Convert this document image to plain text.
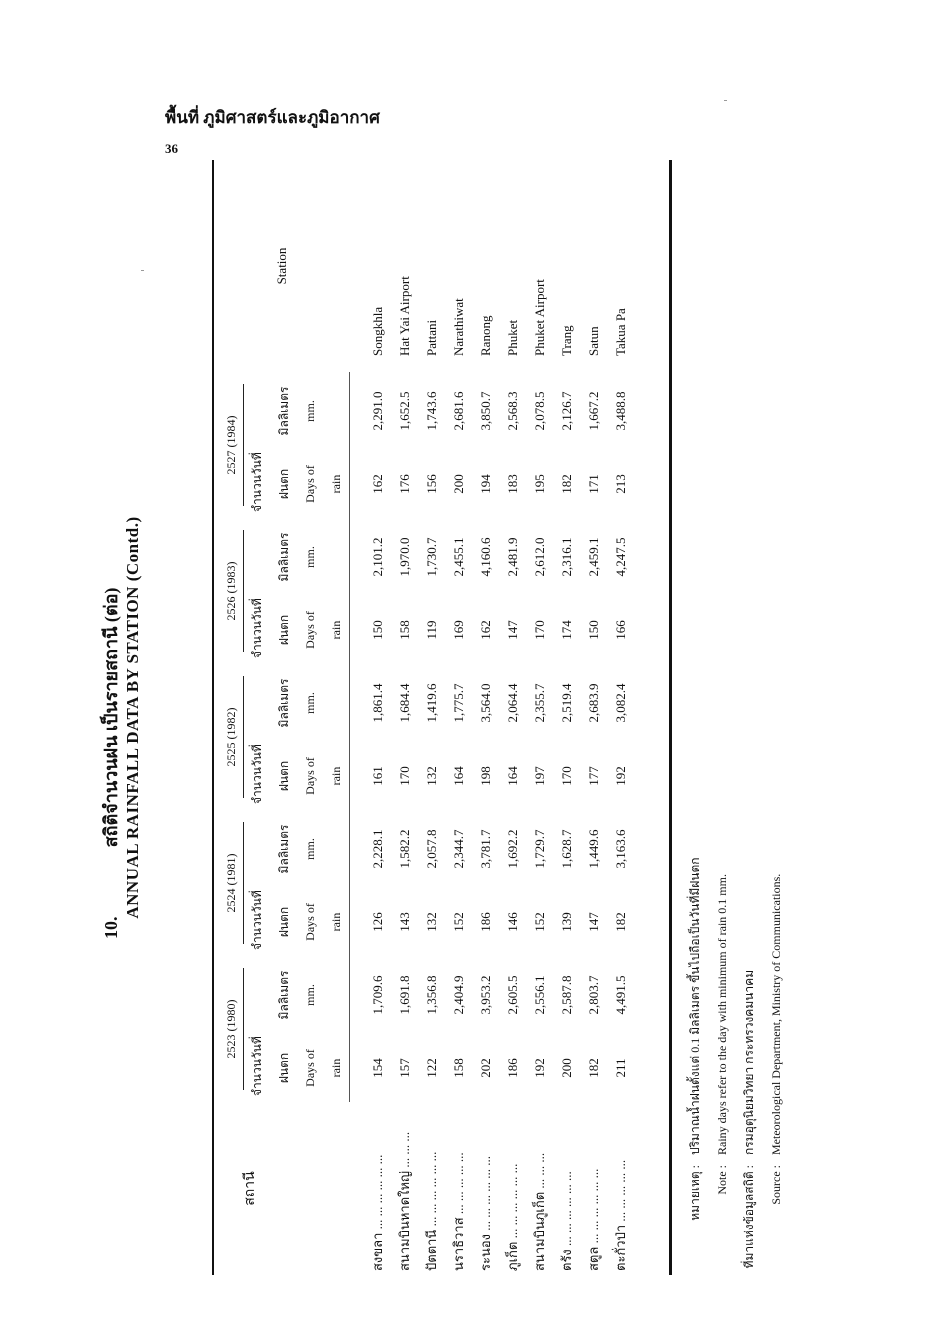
พื้นที่ ภูมิศาสตร์และภูมิอากาศ
36
10.
สถิติจำนวนฝน เป็นรายสถานี (ต่อ) ANNUAL RAINFALL DATA BY STATION (Contd.)
สถานี	2523 (1980)		2524 (1981)		2525 (1982)		2526 (1983)		2527 (1984)		Station
	จำนวนวันที่		จำนวนวันที่		จำนวนวันที่		จำนวนวันที่		จำนวนวันที่		
	ฝนตก	มิลลิเมตร	ฝนตก	มิลลิเมตร	ฝนตก	มิลลิเมตร	ฝนตก	มิลลิเมตร	ฝนตก	มิลลิเมตร	
	Days of	mm.	Days of	mm.	Days of	mm.	Days of	mm.	Days of	mm.	
	rain		rain		rain		rain		rain		
สงขลา ... ... ... ... ... ...	154	1,709.6	126	2,228.1	161	1,861.4	150	2,101.2	162	2,291.0	Songkhla
สนามบินหาดใหญ่ ... ... ...	157	1,691.8	143	1,582.2	170	1,684.4	158	1,970.0	176	1,652.5	Hat Yai Airport
ปัตตานี ... ... ... ... ... ...	122	1,356.8	132	2,057.8	132	1,419.6	119	1,730.7	156	1,743.6	Pattani
นราธิวาส ... ... ... ... ...	158	2,404.9	152	2,344.7	164	1,775.7	169	2,455.1	200	2,681.6	Narathiwat
ระนอง ... ... ... ... ... ...	202	3,953.2	186	3,781.7	198	3,564.0	162	4,160.6	194	3,850.7	Ranong
ภูเก็ต ... ... ... ... ... ...	186	2,605.5	146	1,692.2	164	2,064.4	147	2,481.9	183	2,568.3	Phuket
สนามบินภูเก็ต ... ... ...	192	2,556.1	152	1,729.7	197	2,355.7	170	2,612.0	195	2,078.5	Phuket Airport
ตรัง ... ... ... ... ... ...	200	2,587.8	139	1,628.7	170	2,519.4	174	2,316.1	182	2,126.7	Trang
สตูล ... ... ... ... ... ...	182	2,803.7	147	1,449.6	177	2,683.9	150	2,459.1	171	1,667.2	Satun
ตะกั่วป่า ... ... ... ... ...	211	4,491.5	182	3,163.6	192	3,082.4	166	4,247.5	213	3,488.8	Takua Pa
หมายเหตุ :
ปริมาณน้ำฝนตั้งแต่ 0.1 มิลลิเมตร ขึ้นไปถือเป็นวันที่มีฝนตก
Note :
Rainy days refer to the day with minimum of rain 0.1 mm.
ที่มาแห่งข้อมูลสถิติ :
กรมอุตุนิยมวิทยา กระทรวงคมนาคม
Source :
Meteorological Department, Ministry of Communications.
